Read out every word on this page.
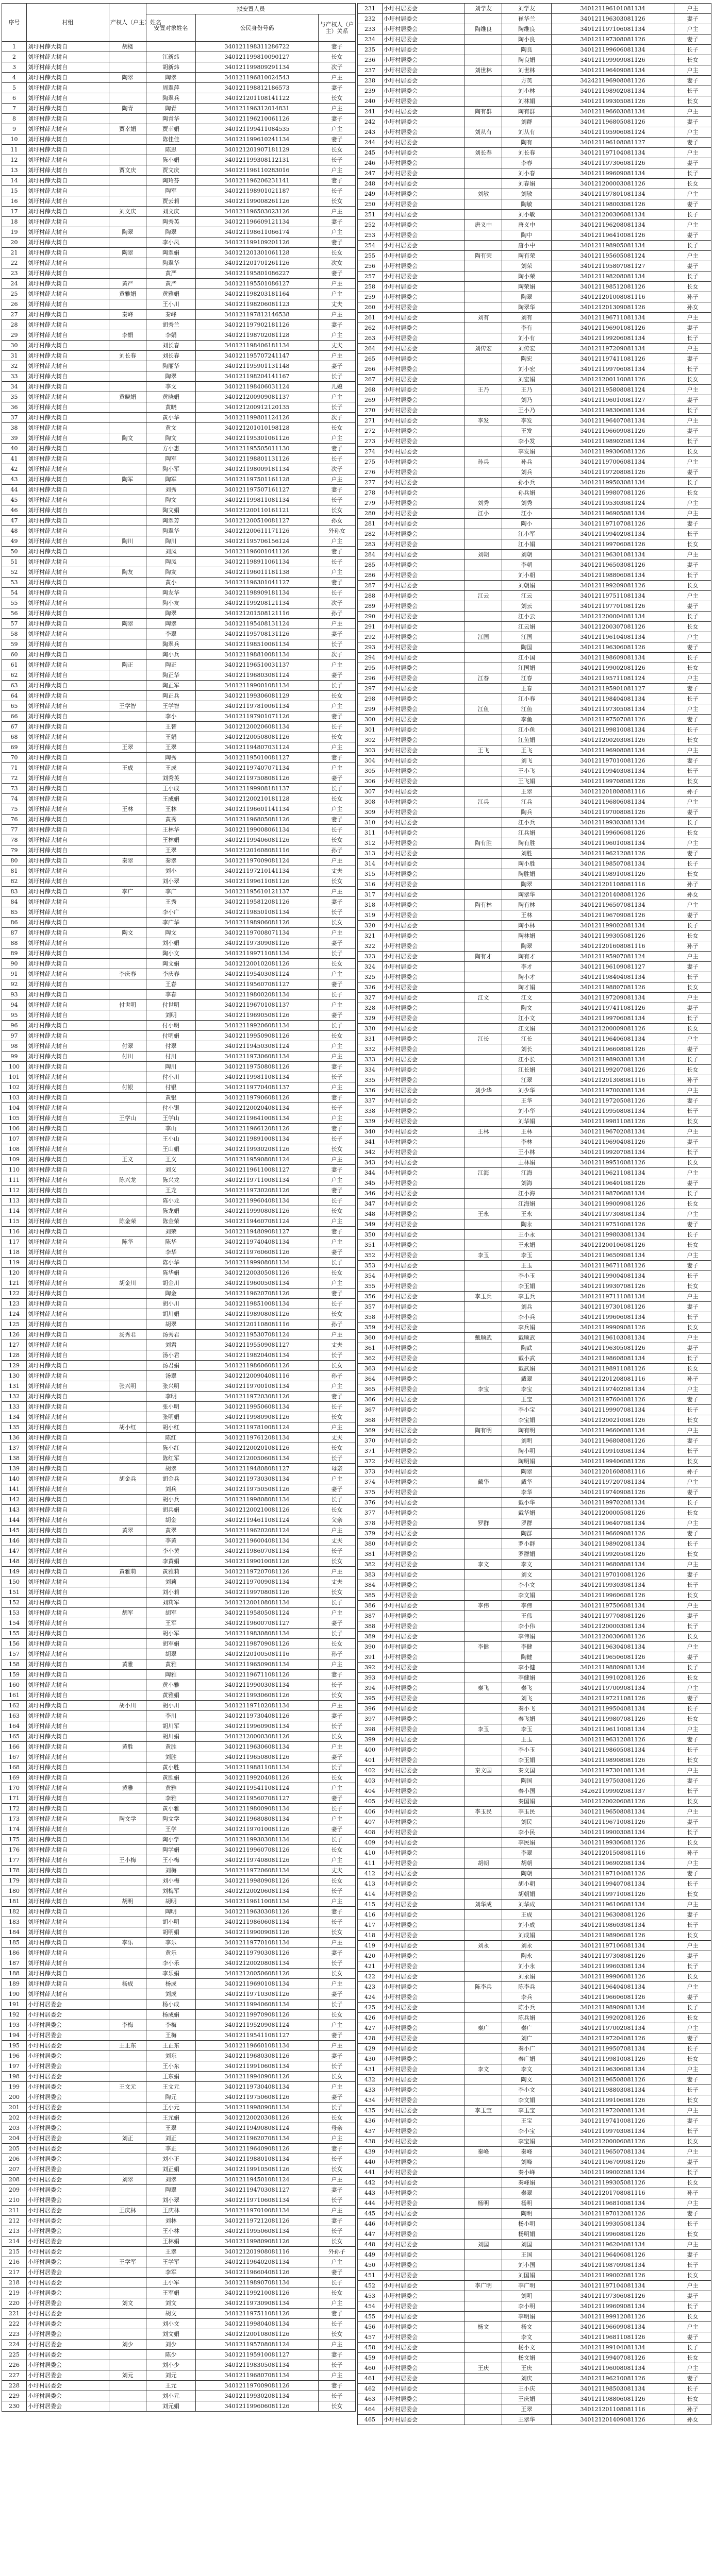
序号	村组	产权人（户主）姓名	拟安置人员		
			安置对象姓名	公民身份号码	与产权人（户主）关系
1	刘圩村薛大树自	胡楼		340121198311286722	妻子
2	刘圩村薛大树自		江新炜	340121199810090127	长女
3	刘圩村薛大树自		胡新炜	340121199809291134	次子
4	刘圩村薛大树自	陶翠	陶翠	340121196810024543	户主
5	刘圩村薛大树自		周翠萍	340121198812186573	妻子
6	刘圩村薛大树自		陶翠兵	340121201108141122	长女
7	刘圩村薛大树自	陶青	陶青	340121196312014831	户主
8	刘圩村薛大树自		陶青华	340121196210061126	妻子
9	刘圩村薛大树自	贾幸娟	贾幸娟	340121199411084535	户主
10	刘圩村薛大树自		陈佳佳	340121199610241134	妻子
11	刘圩村薛大树自		陈思	340121201907181129	长女
12	刘圩村薛大树自		陈小娟	340121199308112131	长子
13	刘圩村薛大树自	贾文庆	贾文庆	340121196110283016	户主
14	刘圩村薛大树自		陶玲芬	340121196206231141	妻子
15	刘圩村薛大树自		陶军	340121198901021187	长子
16	刘圩村薛大树自		贾云莉	340121199008261126	长女
17	刘圩村薛大树自	刘文庆	刘文庆	340121196503023126	户主
18	刘圩村薛大树自		陶秀英	340121196609121134	妻子
19	刘圩村薛大树自	陶翠	陶翠	340121198611066174	户主
20	刘圩村薛大树自		李小凤	340121199109201126	妻子
21	刘圩村薛大树自	陶翠	陶翠娟	340121201301061128	长女
22	刘圩村薛大树自		陶翠华	340121201701261126	次女
23	刘圩村薛大树自		黄严	340121195801086227	妻子
24	刘圩村薛大树自	黄严	黄严	340121195501086127	户主
25	刘圩村薛大树自	黄雅娟	黄雅娟	340121198203181164	户主
26	刘圩村薛大树自		王小川	340121198206081123	丈夫
27	刘圩村薛大树自	秦峰	秦峰	340121197812146538	户主
28	刘圩村薛大树自		胡秀兰	340121197902181126	妻子
29	刘圩村薛大树自	李娟	李娟	340121198702081128	户主
30	刘圩村薛大树自		刘长春	340121198406181134	丈夫
31	刘圩村薛大树自	刘长春	刘长春	340121195707241147	户主
32	刘圩村薛大树自		陶丽华	340121195901131148	妻子
33	刘圩村薛大树自		陶翠	340121198204141167	长子
34	刘圩村薛大树自		李文	340121198406031124	儿媳
35	刘圩村薛大树自	黄晓娟	黄晓娟	340121200909081137	户主
36	刘圩村薛大树自		黄晓	340121200912120135	长子
37	刘圩村薛大树自		黄小华	340121199801124126	次子
38	刘圩村薛大树自		黄文	340121201010198128	长女
39	刘圩村薛大树自	陶文	陶文	340121195301061126	户主
40	刘圩村薛大树自		方小惠	340121195505011130	妻子
41	刘圩村薛大树自		陶军	340121198801131126	长子
42	刘圩村薛大树自		陶小军	340121198009181134	次子
43	刘圩村薛大树自	陶军	陶军	340121197501161128	户主
44	刘圩村薛大树自		刘秀	340121197507161127	妻子
45	刘圩村薛大树自		陶文	340121199811081134	长子
46	刘圩村薛大树自		陶文娟	340121200110161121	长女
47	刘圩村薛大树自		陶翠芳	340121200510081127	孙女
48	刘圩村薛大树自		陶翠华	340121200611171126	外孙女
49	刘圩村薛大树自	陶川	陶川	340121195706156124	户主
50	刘圩村薛大树自		刘凤	340121196001041126	妻子
51	刘圩村薛大树自		陶凤	340121198911061134	长子
52	刘圩村薛大树自	陶友	陶友	340121196011181138	户主
53	刘圩村薛大树自		黄小	340121196301041127	妻子
54	刘圩村薛大树自		陶友华	340121198909181134	长子
55	刘圩村薛大树自		陶小友	340121199208121134	次子
56	刘圩村薛大树自		陶翠	340121201508121116	孙子
57	刘圩村薛大树自	陶翠	陶翠	340121195408131124	户主
58	刘圩村薛大树自		李翠	340121195708131126	妻子
59	刘圩村薛大树自		陶翠兵	340121198510061134	长子
60	刘圩村薛大树自		陶小兵	340121198810081134	次子
61	刘圩村薛大树自	陶正	陶正	340121196510031137	户主
62	刘圩村薛大树自		陶正华	340121196803081124	妻子
63	刘圩村薛大树自		陶正军	340121199001081134	长子
64	刘圩村薛大树自		陶正兵	340121199306081129	长女
65	刘圩村薛大树自	王学智	王学智	340121197810061134	户主
66	刘圩村薛大树自		李小	340121197901071126	妻子
67	刘圩村薛大树自		王智	340121200206081134	长子
68	刘圩村薛大树自		王娟	340121200508081126	长女
69	刘圩村薛大树自	王翠	王翠	340121194807031124	户主
70	刘圩村薛大树自		陶秀	340121195010081127	妻子
71	刘圩村薛大树自	王成	王成	340121197407071134	户主
72	刘圩村薛大树自		刘秀英	340121197508081126	妻子
73	刘圩村薛大树自		王小成	340121199908181137	长子
74	刘圩村薛大树自		王成娟	340121200210181128	长女
75	刘圩村薛大树自	王林	王林	340121196601141134	户主
76	刘圩村薛大树自		黄秀	340121196805081126	妻子
77	刘圩村薛大树自		王林华	340121199008061134	长子
78	刘圩村薛大树自		王林娟	340121199406081126	长女
79	刘圩村薛大树自		王翠	340121201608081116	孙子
80	刘圩村薛大树自	秦翠	秦翠	340121197009081124	户主
81	刘圩村薛大树自		刘小	340121197210141134	丈夫
82	刘圩村薛大树自		刘小翠	340121199611081126	长女
83	刘圩村薛大树自	李广	李广	340121195610121137	户主
84	刘圩村薛大树自		王秀	340121195812081126	妻子
85	刘圩村薛大树自		李小广	340121198501081134	长子
86	刘圩村薛大树自		李广华	340121198906081126	长女
87	刘圩村薛大树自	陶文	陶文	340121197008071134	户主
88	刘圩村薛大树自		刘小娟	340121197309081126	妻子
89	刘圩村薛大树自		陶小文	340121199711081134	长子
90	刘圩村薛大树自		陶文娟	340121200102081126	长女
91	刘圩村薛大树自	李庆春	李庆春	340121195403081124	户主
92	刘圩村薛大树自		王春	340121195607081127	妻子
93	刘圩村薛大树自		李春	340121198002081134	长子
94	刘圩村薛大树自	付世明	付世明	340121196701081137	户主
95	刘圩村薛大树自		刘明	340121196905081126	妻子
96	刘圩村薛大树自		付小明	340121199206081134	长子
97	刘圩村薛大树自		付明娟	340121199509081126	长女
98	刘圩村薛大树自	付翠	付翠	340121194503081124	户主
99	刘圩村薛大树自	付川	付川	340121197306081134	户主
100	刘圩村薛大树自		陶川	340121197508081126	妻子
101	刘圩村薛大树自		付小川	340121199811081134	长子
102	刘圩村薛大树自	付银	付银	340121197704081137	户主
103	刘圩村薛大树自		黄银	340121197906081126	妻子
104	刘圩村薛大树自		付小银	340121200204081134	长子
105	刘圩村薛大树自	王学山	王学山	340121196410081134	户主
106	刘圩村薛大树自		李山	340121196612081126	妻子
107	刘圩村薛大树自		王小山	340121198910081134	长子
108	刘圩村薛大树自		王山娟	340121199302081126	长女
109	刘圩村薛大树自	王义	王义	340121195908081124	户主
110	刘圩村薛大树自		刘义	340121196110081127	妻子
111	刘圩村薛大树自	陈兴龙	陈兴龙	340121197110081134	户主
112	刘圩村薛大树自		王龙	340121197302081126	妻子
113	刘圩村薛大树自		陈小龙	340121199604081134	长子
114	刘圩村薛大树自		陈龙娟	340121199908081126	长女
115	刘圩村薛大树自	陈金荣	陈金荣	340121194607081124	户主
116	刘圩村薛大树自		刘荣	340121194809081127	妻子
117	刘圩村薛大树自	陈华	陈华	340121197404081134	户主
118	刘圩村薛大树自		李华	340121197606081126	妻子
119	刘圩村薛大树自		陈小华	340121199908081134	长子
120	刘圩村薛大树自		陈华娟	340121200305081126	长女
121	刘圩村薛大树自	胡金川	胡金川	340121196005081134	户主
122	刘圩村薛大树自		陶金	340121196207081126	妻子
123	刘圩村薛大树自		胡小川	340121198510081134	长子
124	刘圩村薛大树自		胡川娟	340121198908081126	长女
125	刘圩村薛大树自		胡翠	340121201108081116	孙子
126	刘圩村薛大树自	汤秀君	汤秀君	340121195307081124	户主
127	刘圩村薛大树自		刘君	340121195509081127	丈夫
128	刘圩村薛大树自		汤小君	340121198204081134	长子
129	刘圩村薛大树自		汤君娟	340121198606081126	长女
130	刘圩村薛大树自		汤翠	340121200904081116	孙子
131	刘圩村薛大树自	张兴明	张兴明	340121197001081134	户主
132	刘圩村薛大树自		李明	340121197203081126	妻子
133	刘圩村薛大树自		张小明	340121199506081134	长子
134	刘圩村薛大树自		张明娟	340121199809081126	长女
135	刘圩村薛大树自	胡小红	胡小红	340121197810081124	户主
136	刘圩村薛大树自		陈红	340121197612081134	丈夫
137	刘圩村薛大树自		陈小红	340121200201081126	长女
138	刘圩村薛大树自		陈红军	340121200506081134	长子
139	刘圩村薛大树自		胡翠	340121194808081127	母亲
140	刘圩村薛大树自	胡金兵	胡金兵	340121197303081134	户主
141	刘圩村薛大树自		刘兵	340121197505081126	妻子
142	刘圩村薛大树自		胡小兵	340121199808081134	长子
143	刘圩村薛大树自		胡兵娟	340121200210081126	长女
144	刘圩村薛大树自		胡金	340121194611081124	父亲
145	刘圩村薛大树自	黄翠	黄翠	340121196202081124	户主
146	刘圩村薛大树自		李黄	340121196004081134	丈夫
147	刘圩村薛大树自		李小黄	340121198607081134	长子
148	刘圩村薛大树自		李黄娟	340121199010081126	长女
149	刘圩村薛大树自	黄雅莉	黄雅莉	340121197207081126	户主
150	刘圩村薛大树自		刘莉	340121197009081134	丈夫
151	刘圩村薛大树自		刘小莉	340121199708081126	长女
152	刘圩村薛大树自		刘莉军	340121200108081134	长子
153	刘圩村薛大树自	胡军	胡军	340121195805081124	户主
154	刘圩村薛大树自		王军	340121196007081127	妻子
155	刘圩村薛大树自		胡小军	340121198308081134	长子
156	刘圩村薛大树自		胡军娟	340121198709081126	长女
157	刘圩村薛大树自		胡翠	340121201005081116	孙子
158	刘圩村薛大树自	黄雅	黄雅	340121196509081134	户主
159	刘圩村薛大树自		陶雅	340121196711081126	妻子
160	刘圩村薛大树自		黄小雅	340121199003081134	长子
161	刘圩村薛大树自		黄雅娟	340121199306081126	长女
162	刘圩村薛大树自	胡小川	胡小川	340121197102081134	户主
163	刘圩村薛大树自		李川	340121197304081126	妻子
164	刘圩村薛大树自		胡川军	340121199609081134	长子
165	刘圩村薛大树自		胡川娟	340121200003081126	长女
166	刘圩村薛大树自	黄胜	黄胜	340121196306081134	户主
167	刘圩村薛大树自		刘胜	340121196508081126	妻子
168	刘圩村薛大树自		黄小胜	340121198811081134	长子
169	刘圩村薛大树自		黄胜娟	340121199204081126	长女
170	刘圩村薛大树自	黄雅	黄雅	340121195411081124	户主
171	刘圩村薛大树自		李雅	340121195607081127	妻子
172	刘圩村薛大树自		黄小雅	340121198009081134	长子
173	刘圩村薛大树自	陶文学	陶文学	340121196808081134	户主
174	刘圩村薛大树自		王学	340121197010081126	妻子
175	刘圩村薛大树自		陶小学	340121199303081134	长子
176	刘圩村薛大树自		陶学娟	340121199607081126	长女
177	刘圩村薛大树自	王小梅	王小梅	340121197408081126	户主
178	刘圩村薛大树自		刘梅	340121197206081134	丈夫
179	刘圩村薛大树自		刘小梅	340121199809081126	长女
180	刘圩村薛大树自		刘梅军	340121200206081134	长子
181	刘圩村薛大树自	胡明	胡明	340121196110081134	户主
182	刘圩村薛大树自		陶明	340121196303081126	妻子
183	刘圩村薛大树自		胡小明	340121198606081134	长子
184	刘圩村薛大树自		胡明娟	340121199009081126	长女
185	刘圩村薛大树自	李乐	李乐	340121197701081134	户主
186	刘圩村薛大树自		黄乐	340121197903081126	妻子
187	刘圩村薛大树自		李小乐	340121200208081134	长子
188	刘圩村薛大树自		李乐娟	340121200506081126	长女
189	刘圩村薛大树自	杨成	杨成	340121196901081134	户主
190	刘圩村薛大树自		刘成	340121197103081126	妻子
191	小圩村居委会		杨小成	340121199406081134	长子
192	小圩村居委会		杨成娟	340121199709081126	长女
193	小圩村居委会	李梅	李梅	340121195209081124	户主
194	小圩村居委会		王梅	340121195411081127	妻子
195	小圩村居委会	王正东	王正东	340121196601081134	户主
196	小圩村居委会		刘东	340121196803081126	妻子
197	小圩村居委会		王小东	340121199106081134	长子
198	小圩村居委会		王东娟	340121199409081126	长女
199	小圩村居委会	王文元	王文元	340121197304081134	户主
200	小圩村居委会		陶元	340121197506081126	妻子
201	小圩村居委会		王小元	340121199809081134	长子
202	小圩村居委会		王元娟	340121200203081126	长女
203	小圩村居委会		王翠	340121194908081124	母亲
204	小圩村居委会	刘正	刘正	340121196207081134	户主
205	小圩村居委会		李正	340121196409081126	妻子
206	小圩村居委会		刘小正	340121198801081134	长子
207	小圩村居委会		刘正娟	340121199105081126	长女
208	小圩村居委会	刘翠	刘翠	340121194501081124	户主
209	小圩村居委会		陶翠	340121194703081127	妻子
210	小圩村居委会		刘小翠	340121197106081134	长子
211	小圩村居委会	王庆林	王庆林	340121197010081134	户主
212	小圩村居委会		刘林	340121197212081126	妻子
213	小圩村居委会		王小林	340121199506081134	长子
214	小圩村居委会		王林娟	340121199809081126	长女
215	小圩村居委会		王翠	340121201908081116	外孙子
216	小圩村居委会	王学军	王学军	340121196402081134	户主
217	小圩村居委会		李军	340121196604081126	妻子
218	小圩村居委会		王小军	340121198907081134	长子
219	小圩村居委会		王军娟	340121199210081126	长女
220	小圩村居委会	刘文	刘文	340121197309081134	户主
221	小圩村居委会		胡文	340121197511081126	妻子
222	小圩村居委会		刘小文	340121199804081134	长子
223	小圩村居委会		刘文娟	340121200108081126	长女
224	小圩村居委会	刘少	刘少	340121195708081124	户主
225	小圩村居委会		陈少	340121195910081127	妻子
226	小圩村居委会		刘小少	340121198305081134	长子
227	小圩村居委会	刘元	刘元	340121196807081134	户主
228	小圩村居委会		王元	340121197009081126	妻子
229	小圩村居委会		刘小元	340121199302081134	长子
230	小圩村居委会		刘元娟	340121199606081126	长女
231	小圩村居委会	刘学友	刘学友	340121196101081134	户主
232	小圩村居委会		崔华兰	340121196303081126	妻子
233	小圩村居委会	陶维良	陶维良	340121197106081134	户主
234	小圩村居委会		陶小良	340121197308081126	妻子
235	小圩村居委会		陶良	340121199606081134	长子
236	小圩村居委会		陶良娟	340121199909081126	长女
237	小圩村居委会	刘世林	刘世林	340121196409081134	户主
238	小圩村居委会		方英	342421196908081126	妻子
239	小圩村居委会		刘小林	340121198902081134	长子
240	小圩村居委会		刘林娟	340121199305081126	长女
241	小圩村居委会	陶有群	陶有群	340121196603081134	户主
242	小圩村居委会		刘群	340121196805081126	妻子
243	小圩村居委会	刘从有	刘从有	340121195906081124	户主
244	小圩村居委会		陶有	340121196108081127	妻子
245	小圩村居委会	刘长春	刘长春	340121197104081134	户主
246	小圩村居委会		李春	340121197306081126	妻子
247	小圩村居委会		刘小春	340121199609081134	长子
248	小圩村居委会		刘春娟	340121200003081126	长女
249	小圩村居委会	刘敏	刘敏	340121197801081134	户主
250	小圩村居委会		陶敏	340121198003081126	妻子
251	小圩村居委会		刘小敏	340121200306081134	长子
252	小圩村居委会	唐义中	唐义中	340121196208081134	户主
253	小圩村居委会		陶中	340121196410081126	妻子
254	小圩村居委会		唐小中	340121198905081134	长子
255	小圩村居委会	陶有荣	陶有荣	340121195605081124	户主
256	小圩村居委会		刘荣	340121195807081127	妻子
257	小圩村居委会		陶小荣	340121198208081134	长子
258	小圩村居委会		陶荣娟	340121198512081126	长女
259	小圩村居委会		陶翠	340121201008081116	孙子
260	小圩村居委会		陶翠华	340121201309081126	孙女
261	小圩村居委会	刘有	刘有	340121196711081134	户主
262	小圩村居委会		李有	340121196901081126	妻子
263	小圩村居委会		刘小有	340121199206081134	长子
264	小圩村居委会	刘传宏	刘传宏	340121197209081134	户主
265	小圩村居委会		陶宏	340121197411081126	妻子
266	小圩村居委会		刘小宏	340121199706081134	长子
267	小圩村居委会		刘宏娟	340121200110081126	长女
268	小圩村居委会	王乃	王乃	340121195808081124	户主
269	小圩村居委会		刘乃	340121196010081127	妻子
270	小圩村居委会		王小乃	340121198306081134	长子
271	小圩村居委会	李发	李发	340121196407081134	户主
272	小圩村居委会		王发	340121196609081126	妻子
273	小圩村居委会		李小发	340121198902081134	长子
274	小圩村居委会		李发娟	340121199306081126	长女
275	小圩村居委会	孙兵	孙兵	340121197006081134	户主
276	小圩村居委会		刘兵	340121197208081126	妻子
277	小圩村居委会		孙小兵	340121199503081134	长子
278	小圩村居委会		孙兵娟	340121199807081126	长女
279	小圩村居委会	刘秀	刘秀	340121195303081124	户主
280	小圩村居委会	江小	江小	340121196905081134	户主
281	小圩村居委会		陶小	340121197107081126	妻子
282	小圩村居委会		江小军	340121199402081134	长子
283	小圩村居委会		江小娟	340121199706081126	长女
284	小圩村居委会	刘朝	刘朝	340121196301081134	户主
285	小圩村居委会		李朝	340121196503081126	妻子
286	小圩村居委会		刘小朝	340121198806081134	长子
287	小圩村居委会		刘朝娟	340121199209081126	长女
288	小圩村居委会	江云	江云	340121197511081134	户主
289	小圩村居委会		刘云	340121197701081126	妻子
290	小圩村居委会		江小云	340121200004081134	长子
291	小圩村居委会		江云娟	340121200307081126	长女
292	小圩村居委会	江国	江国	340121196104081134	户主
293	小圩村居委会		陶国	340121196306081126	妻子
294	小圩村居委会		江小国	340121198609081134	长子
295	小圩村居委会		江国娟	340121199002081126	长女
296	小圩村居委会	江春	江春	340121195711081124	户主
297	小圩村居委会		王春	340121195901081127	妻子
298	小圩村居委会		江小春	340121198404081134	长子
299	小圩村居委会	江鱼	江鱼	340121197305081134	户主
300	小圩村居委会		李鱼	340121197507081126	妻子
301	小圩村居委会		江小鱼	340121199810081134	长子
302	小圩村居委会		江鱼娟	340121200203081126	长女
303	小圩村居委会	王飞	王飞	340121196908081134	户主
304	小圩村居委会		刘飞	340121197010081126	妻子
305	小圩村居委会		王小飞	340121199403081134	长子
306	小圩村居委会		王飞娟	340121199708081126	长女
307	小圩村居委会		王翠	340121201808081116	孙子
308	小圩村居委会	江兵	江兵	340121196806081134	户主
309	小圩村居委会		陶兵	340121197008081126	妻子
310	小圩村居委会		江小兵	340121199303081134	长子
311	小圩村居委会		江兵娟	340121199606081126	长女
312	小圩村居委会	陶有胜	陶有胜	340121196010081134	户主
313	小圩村居委会		刘胜	340121196212081126	妻子
314	小圩村居委会		陶小胜	340121198507081134	长子
315	小圩村居委会		陶胜娟	340121198910081126	长女
316	小圩村居委会		陶翠	340121201108081116	孙子
317	小圩村居委会		陶翠华	340121201408081126	孙女
318	小圩村居委会	陶有林	陶有林	340121196507081134	户主
319	小圩村居委会		王林	340121196709081126	妻子
320	小圩村居委会		陶小林	340121199002081134	长子
321	小圩村居委会		陶林娟	340121199305081126	长女
322	小圩村居委会		陶翠	340121201608081116	孙子
323	小圩村居委会	陶有才	陶有才	340121195907081124	户主
324	小圩村居委会		李才	340121196109081127	妻子
325	小圩村居委会		陶小才	340121198404081134	长子
326	小圩村居委会		陶才娟	340121198807081126	长女
327	小圩村居委会	江文	江文	340121197209081134	户主
328	小圩村居委会		陶文	340121197411081126	妻子
329	小圩村居委会		江小文	340121199706081134	长子
330	小圩村居委会		江文娟	340121200009081126	长女
331	小圩村居委会	江长	江长	340121196406081134	户主
332	小圩村居委会		刘长	340121196608081126	妻子
333	小圩村居委会		江小长	340121198903081134	长子
334	小圩村居委会		江长娟	340121199207081126	长女
335	小圩村居委会		江翠	340121201308081116	孙子
336	小圩村居委会	刘少华	刘少华	340121197003081134	户主
337	小圩村居委会		王华	340121197205081126	妻子
338	小圩村居委会		刘小华	340121199508081134	长子
339	小圩村居委会		刘华娟	340121199811081126	长女
340	小圩村居委会	王林	王林	340121196702081134	户主
341	小圩村居委会		李林	340121196904081126	妻子
342	小圩村居委会		王小林	340121199207081134	长子
343	小圩村居委会		王林娟	340121199510081126	长女
344	小圩村居委会	江海	江海	340121196211081134	户主
345	小圩村居委会		刘海	340121196401081126	妻子
346	小圩村居委会		江小海	340121198706081134	长子
347	小圩村居委会		江海娟	340121199009081126	长女
348	小圩村居委会	王永	王永	340121197308081134	户主
349	小圩村居委会		陶永	340121197510081126	妻子
350	小圩村居委会		王小永	340121199803081134	长子
351	小圩村居委会		王永娟	340121200106081126	长女
352	小圩村居委会	李玉	李玉	340121196509081134	户主
353	小圩村居委会		王玉	340121196711081126	妻子
354	小圩村居委会		李小玉	340121199004081134	长子
355	小圩村居委会		李玉娟	340121199307081126	长女
356	小圩村居委会	李玉兵	李玉兵	340121197111081134	户主
357	小圩村居委会		刘兵	340121197301081126	妻子
358	小圩村居委会		李小兵	340121199606081134	长子
359	小圩村居委会		李兵娟	340121199909081126	长女
360	小圩村居委会	戴顺武	戴顺武	340121196103081134	户主
361	小圩村居委会		陶武	340121196305081126	妻子
362	小圩村居委会		戴小武	340121198608081134	长子
363	小圩村居委会		戴武娟	340121198911081126	长女
364	小圩村居委会		戴翠	340121201208081116	孙子
365	小圩村居委会	李宝	李宝	340121197402081134	户主
366	小圩村居委会		王宝	340121197604081126	妻子
367	小圩村居委会		李小宝	340121199907081134	长子
368	小圩村居委会		李宝娟	340121200210081126	长女
369	小圩村居委会	陶有明	陶有明	340121196606081134	户主
370	小圩村居委会		刘明	340121196808081126	妻子
371	小圩村居委会		陶小明	340121199103081134	长子
372	小圩村居委会		陶明娟	340121199406081126	长女
373	小圩村居委会		陶翠	340121201608081116	孙子
374	小圩村居委会	戴华	戴华	340121197207081134	户主
375	小圩村居委会		李华	340121197409081126	妻子
376	小圩村居委会		戴小华	340121199702081134	长子
377	小圩村居委会		戴华娟	340121200005081126	长女
378	小圩村居委会	罗群	罗群	340121196407081134	户主
379	小圩村居委会		陶群	340121196609081126	妻子
380	小圩村居委会		罗小群	340121198902081134	长子
381	小圩村居委会		罗群娟	340121199205081126	长女
382	小圩村居委会	李文	李文	340121196808081134	户主
383	小圩村居委会		刘文	340121197010081126	妻子
384	小圩村居委会		李小文	340121199303081134	长子
385	小圩村居委会		李文娟	340121199606081126	长女
386	小圩村居委会	李伟	李伟	340121197506081134	户主
387	小圩村居委会		王伟	340121197708081126	妻子
388	小圩村居委会		李小伟	340121200003081134	长子
389	小圩村居委会		李伟娟	340121200306081126	长女
390	小圩村居委会	李健	李健	340121196304081134	户主
391	小圩村居委会		陶健	340121196506081126	妻子
392	小圩村居委会		李小健	340121198809081134	长子
393	小圩村居委会		李健娟	340121199102081126	长女
394	小圩村居委会	秦飞	秦飞	340121197009081134	户主
395	小圩村居委会		刘飞	340121197211081126	妻子
396	小圩村居委会		秦小飞	340121199504081134	长子
397	小圩村居委会		秦飞娟	340121199807081126	长女
398	小圩村居委会	李玉	李玉	340121196110081134	户主
399	小圩村居委会		王玉	340121196312081126	妻子
400	小圩村居委会		李小玉	340121198605081134	长子
401	小圩村居委会		李玉娟	340121198908081126	长女
402	小圩村居委会	秦文国	秦文国	340121197301081134	户主
403	小圩村居委会		陶国	340121197503081126	妻子
404	小圩村居委会		秦小国	342621199902081137	长子
405	小圩村居委会		秦国娟	340121200206081126	长女
406	小圩村居委会	李玉民	李玉民	340121196508081134	户主
407	小圩村居委会		刘民	340121196710081126	妻子
408	小圩村居委会		李小民	340121199003081134	长子
409	小圩村居委会		李民娟	340121199306081126	长女
410	小圩村居委会		李翠	340121201508081116	孙子
411	小圩村居委会	胡朝	胡朝	340121196902081134	户主
412	小圩村居委会		陶朝	340121197104081126	妻子
413	小圩村居委会		胡小朝	340121199407081134	长子
414	小圩村居委会		胡朝娟	340121199710081126	长女
415	小圩村居委会	刘华成	刘华成	340121196106081134	户主
416	小圩村居委会		王成	340121196308081126	妻子
417	小圩村居委会		刘小成	340121198603081134	长子
418	小圩村居委会		刘成娟	340121198906081126	长女
419	小圩村居委会	刘永	刘永	340121197106081134	户主
420	小圩村居委会		陶永	340121197308081126	妻子
421	小圩村居委会		刘小永	340121199603081134	长子
422	小圩村居委会		刘永娟	340121199906081126	长女
423	小圩村居委会	陈李兵	陈李兵	340121196404081134	户主
424	小圩村居委会		李兵	340121196606081126	妻子
425	小圩村居委会		陈小兵	340121198909081134	长子
426	小圩村居委会		陈兵娟	340121199202081126	长女
427	小圩村居委会	秦广	秦广	340121197002081134	户主
428	小圩村居委会		刘广	340121197204081126	妻子
429	小圩村居委会		秦小广	340121199507081134	长子
430	小圩村居委会		秦广娟	340121199810081126	长女
431	小圩村居委会	李文	李文	340121196306081134	户主
432	小圩村居委会		陶文	340121196508081126	妻子
433	小圩村居委会		李小文	340121198803081134	长子
434	小圩村居委会		李文娟	340121199106081126	长女
435	小圩村居委会	李玉宝	李玉宝	340121197208081134	户主
436	小圩村居委会		王宝	340121197410081126	妻子
437	小圩村居委会		李小宝	340121199703081134	长子
438	小圩村居委会		李宝娟	340121200006081126	长女
439	小圩村居委会	秦峰	秦峰	340121196507081134	户主
440	小圩村居委会		刘峰	340121196709081126	妻子
441	小圩村居委会		秦小峰	340121199002081134	长子
442	小圩村居委会		秦峰娟	340121199305081126	长女
443	小圩村居委会		秦翠	340121201708081116	孙子
444	小圩村居委会	杨明	杨明	340121196810081134	户主
445	小圩村居委会		陶明	340121197012081126	妻子
446	小圩村居委会		杨小明	340121199305081134	长子
447	小圩村居委会		杨明娟	340121199608081126	长女
448	小圩村居委会	刘国	刘国	340121196204081134	户主
449	小圩村居委会		王国	340121196406081126	妻子
450	小圩村居委会		刘小国	340121198709081134	长子
451	小圩村居委会		刘国娟	340121199002081126	长女
452	小圩村居委会	李广明	李广明	340121197104081134	户主
453	小圩村居委会		刘明	340121197306081126	妻子
454	小圩村居委会		李小明	340121199609081134	长子
455	小圩村居委会		李明娟	340121199912081126	长女
456	小圩村居委会	杨文	杨文	340121196609081134	户主
457	小圩村居委会		李文	340121196811081126	妻子
458	小圩村居委会		杨小文	340121199104081134	长子
459	小圩村居委会		杨文娟	340121199407081126	长女
460	小圩村居委会	王庆	王庆	340121196008081134	户主
461	小圩村居委会		刘庆	340121196210081126	妻子
462	小圩村居委会		王小庆	340121198503081134	长子
463	小圩村居委会		王庆娟	340121198806081126	长女
464	小圩村居委会		王翠	340121201108081116	孙子
465	小圩村居委会		王翠华	340121201409081126	孙女
